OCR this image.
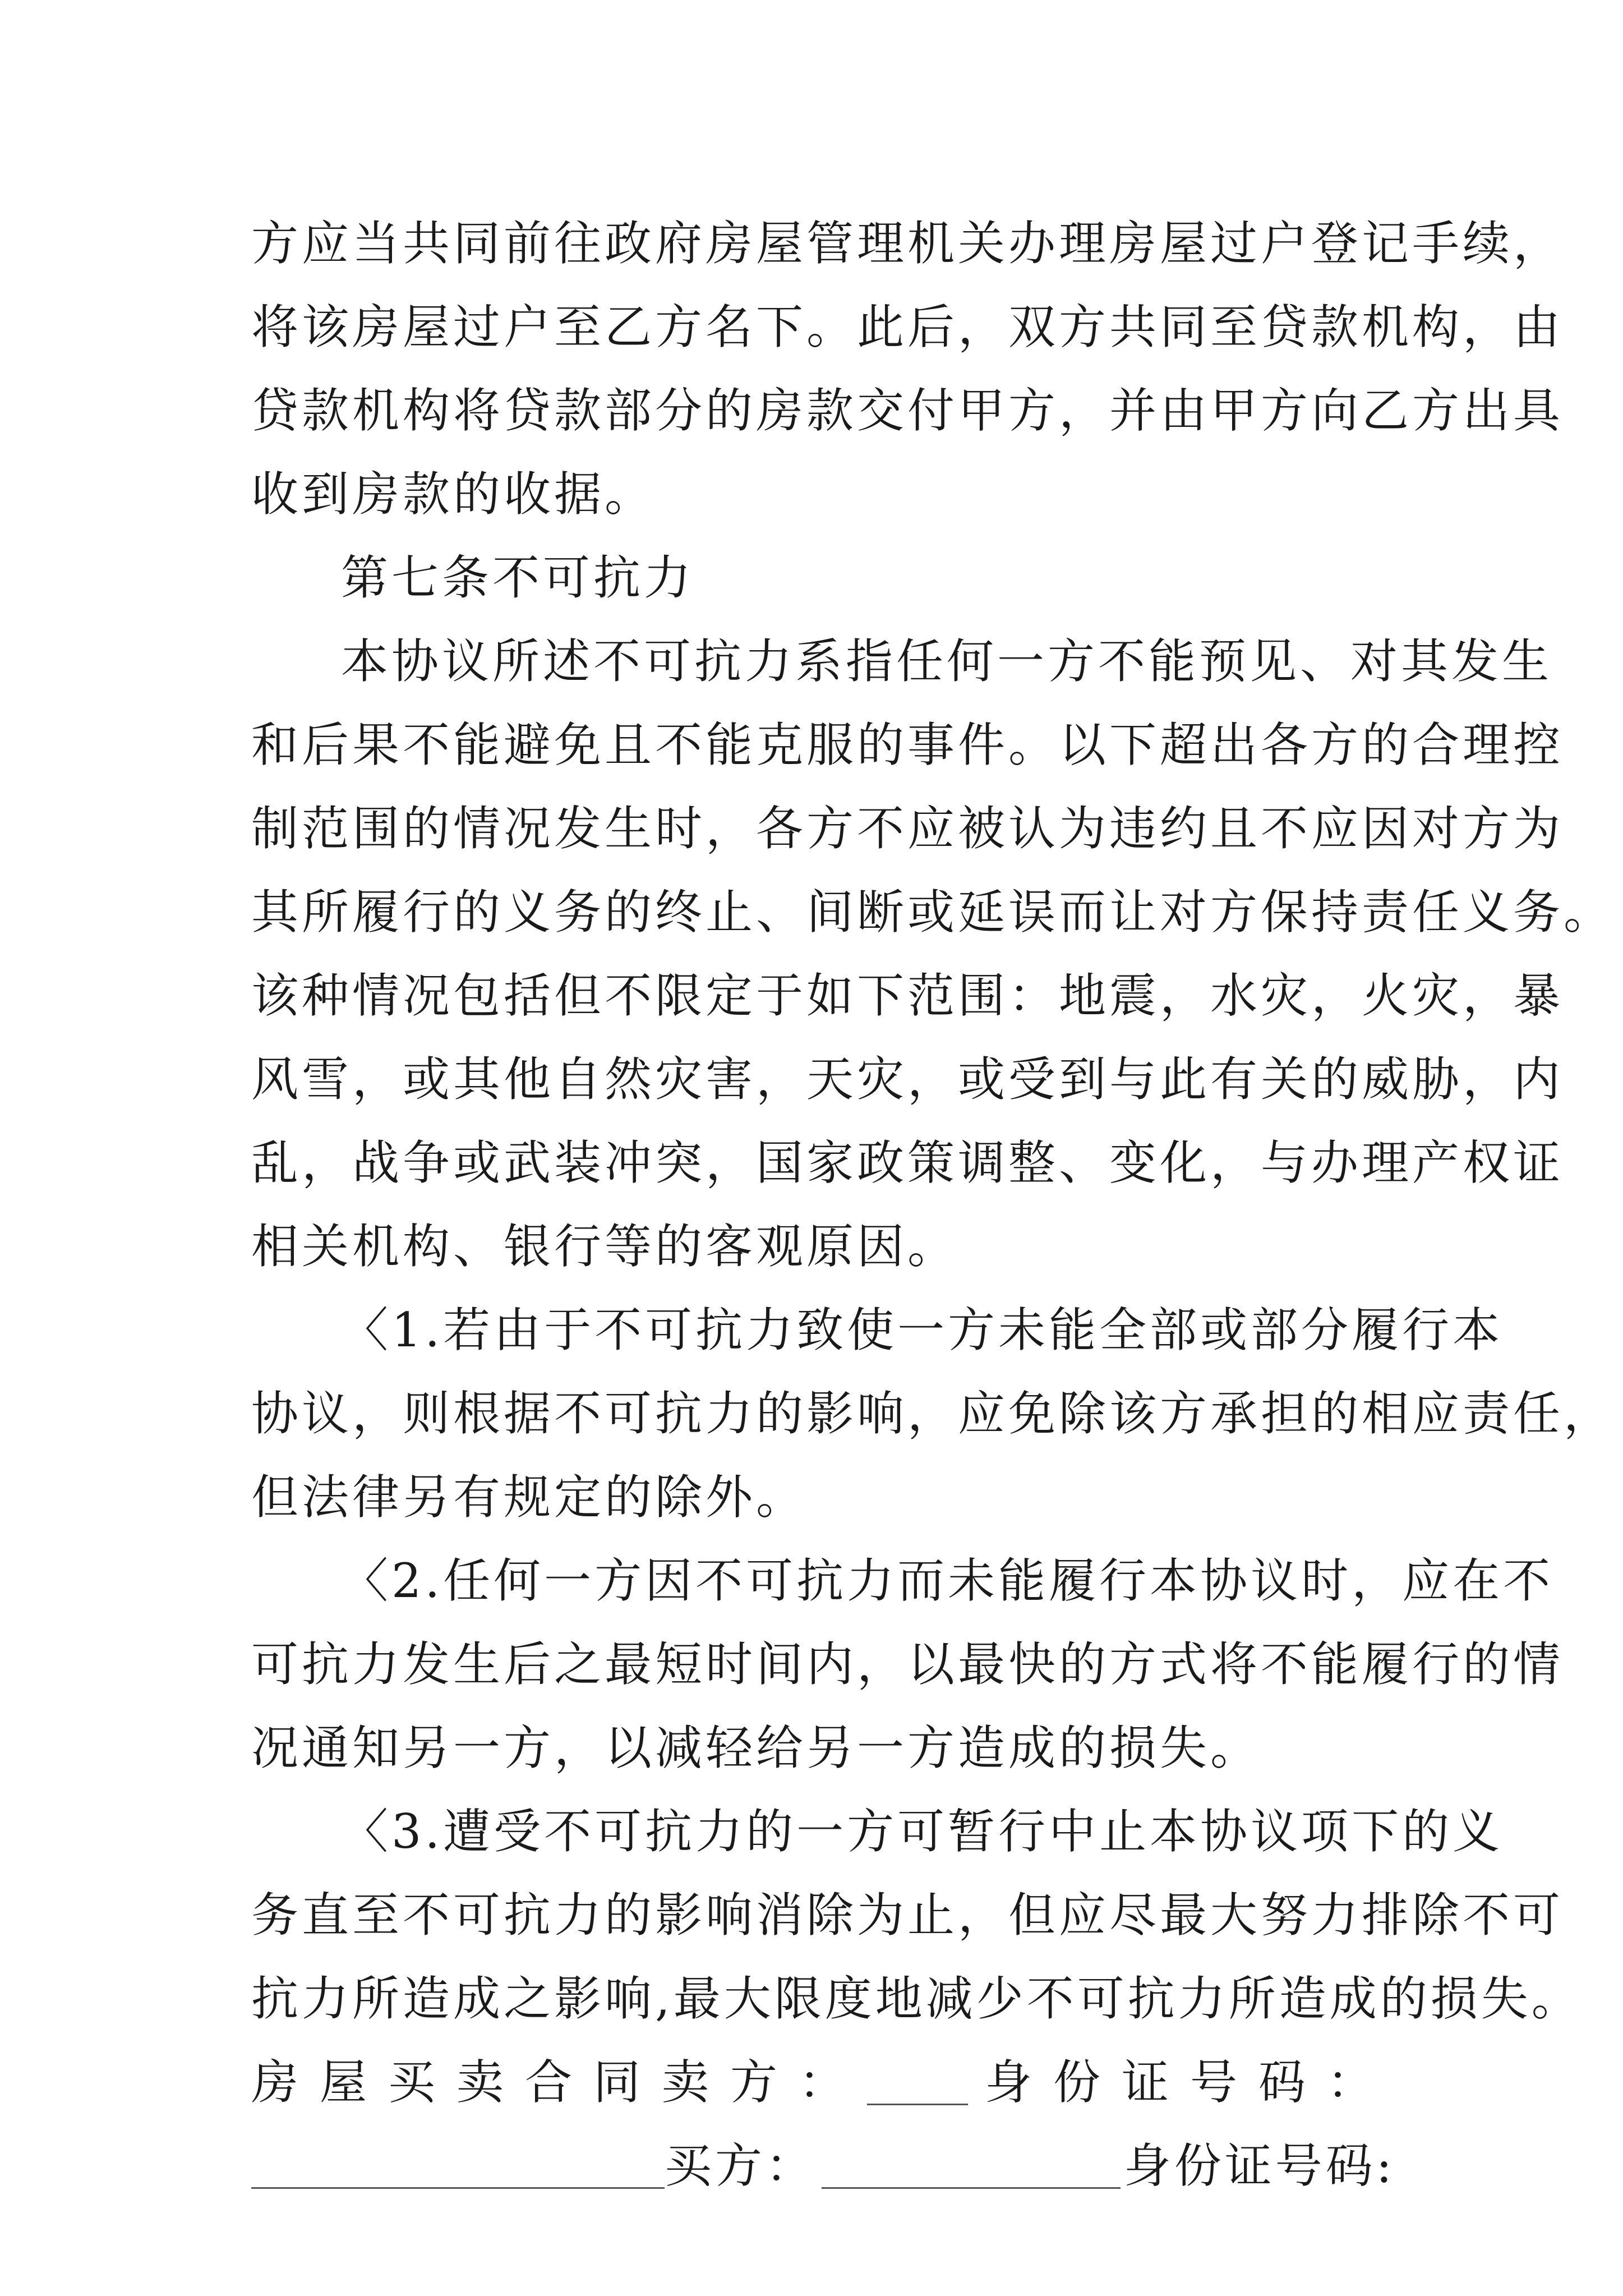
方应当共同前往政府房屋管理机关办理房屋过户登记手续，
将该房屋过户至乙方名下。此后，双方共同至贷款机构，由
贷款机构将贷款部分的房款交付甲方，并由甲方向乙方出具
收到房款的收据。
第七条不可抗力
本协议所述不可抗力系指任何一方不能预见、对其发生
和后果不能避免且不能克服的事件。以下超出各方的合理控
制范围的情况发生时，各方不应被认为违约且不应因对方为
其所履行的义务的终止、间断或延误而让对方保持责任义务。
该种情况包括但不限定于如下范围：地震，水灾，火灾，暴
风雪，或其他自然灾害，天灾，或受到与此有关的威胁，内
乱，战争或武装冲突，国家政策调整、变化，与办理产权证
相关机构、银行等的客观原因。
〈1.若由于不可抗力致使一方未能全部或部分履行本
协议，则根据不可抗力的影响，应免除该方承担的相应责任，
但法律另有规定的除外。
〈2.任何一方因不可抗力而未能履行本协议时，应在不
可抗力发生后之最短时间内，以最快的方式将不能履行的情
况通知另一方，以减轻给另一方造成的损失。
〈3.遭受不可抗力的一方可暂行中止本协议项下的义
务直至不可抗力的影响消除为止，但应尽最大努力排除不可
抗力所造成之影响,最大限度地减少不可抗力所造成的损失。
房屋买卖合同卖方： 身份证号码：
买方：	身份证号码:
